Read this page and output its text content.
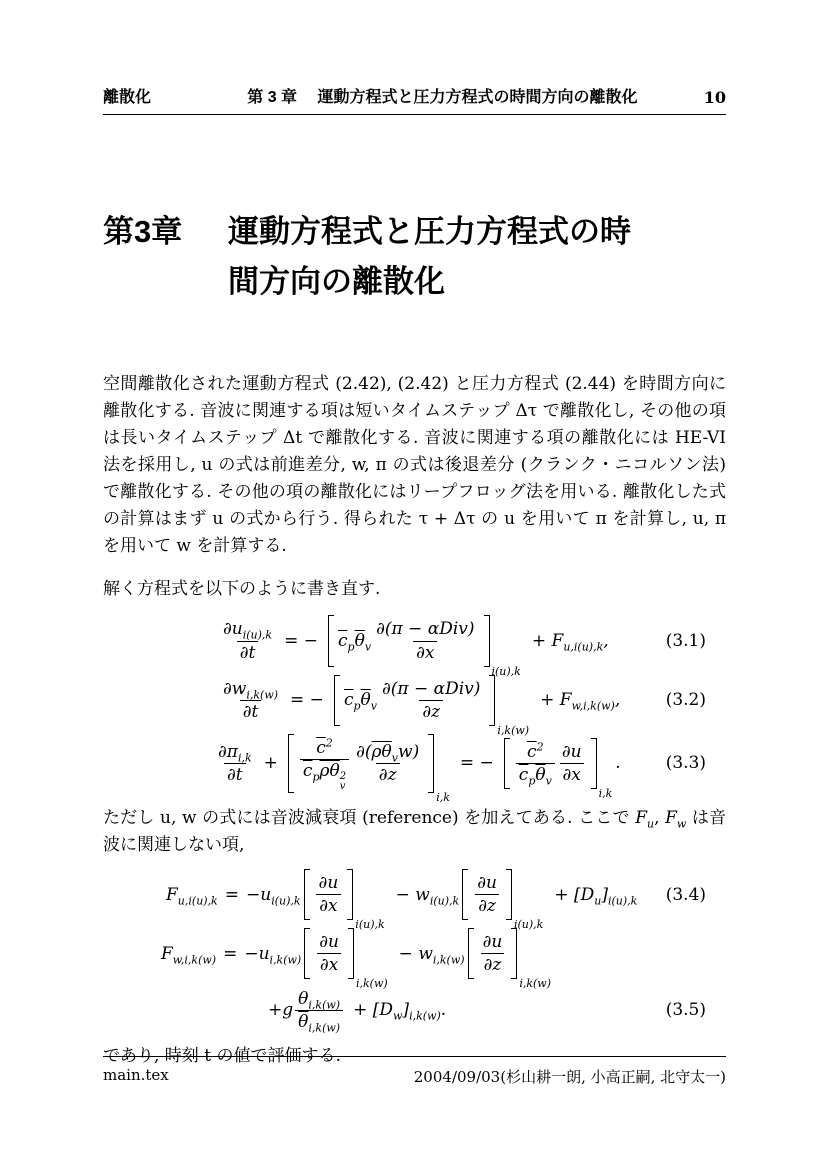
離散化	第 3 章　 運動方程式と圧力方程式の時間方向の離散化	10
第3章	運動方程式と圧力方程式の時
間方向の離散化

空間離散化された運動方程式 (2.42), (2.42) と圧力方程式 (2.44) を時間方向に離散化する. 音波に関連する項は短いタイムステップ Δτ で離散化し, その他の項は長いタイムステップ Δt で離散化する. 音波に関連する項の離散化には HE-VI 法を採用し, u の式は前進差分, w, π の式は後退差分 (クランク・ニコルソン法) で離散化する. その他の項の離散化にはリープフロッグ法を用いる. 離散化した式の計算はまず u の式から行う. 得られた τ + Δτ の u を用いて π を計算し, u, π を用いて w を計算する.

解く方程式を以下のように書き直す.

$\frac{\partial u_{i(u),k}}{\partial t}$ = − $\overline{c}_p\overline{\theta}_v \frac{\text{∂(π − αDiv)}}{\partial x}$
i(u),k
+ $F_{u,i(u),k}$,	(3.1)
$\frac{\partial w_{i,k(w)}}{\partial t}$ = − $\overline{c}_p\overline{\theta}_v \frac{\text{∂(π − αDiv)}}{\partial z}$
i,k(w)
+ $F_{w,i,k(w)}$,	(3.2)
$\frac{\partial\pi_{i,k}}{\partial t} + \overline{c}^2$
$\overline{c}_p\overline{\rho}\overline{\theta}$ 2
v $\frac{\partial(\overline{\rho}\overline{\theta}_vw)}{\partial z}$
i,k
= − $\frac{\overline{c}^2}{\overline{c}_p\overline{\theta}_v} \frac{\partial u}{\partial x}$
i,k
.	(3.3)

ただし u, w の式には音波減衰項 (reference) を加えてある. ここで $F_u$, $F_w$ は音波に関連しない項,

$F_{u,i(u),k} = -u_{i(u),k} \frac{\partial u}{\partial x}$
i(u),k
− $w_{i(u),k} \frac{\partial u}{\partial z}$
i(u),k
+ $[D_u]_{i(u),k}$ (3.4)
$F_{w,i,k(w)} = -u_{i,k(w)} \frac{\partial u}{\partial x}$
i,k(w)
− $w_{i,k(w)} \frac{\partial u}{\partial z}$
i,k(w)
$+g \frac{\theta_{i,k(w)}}{\overline{\theta}_{i,k(w)}} + [D_w]_{i,k(w)}$.	(3.5)

であり, 時刻 t の値で評価する.

main.tex	2004/09/03(杉山耕一朗, 小高正嗣, 北守太一)
